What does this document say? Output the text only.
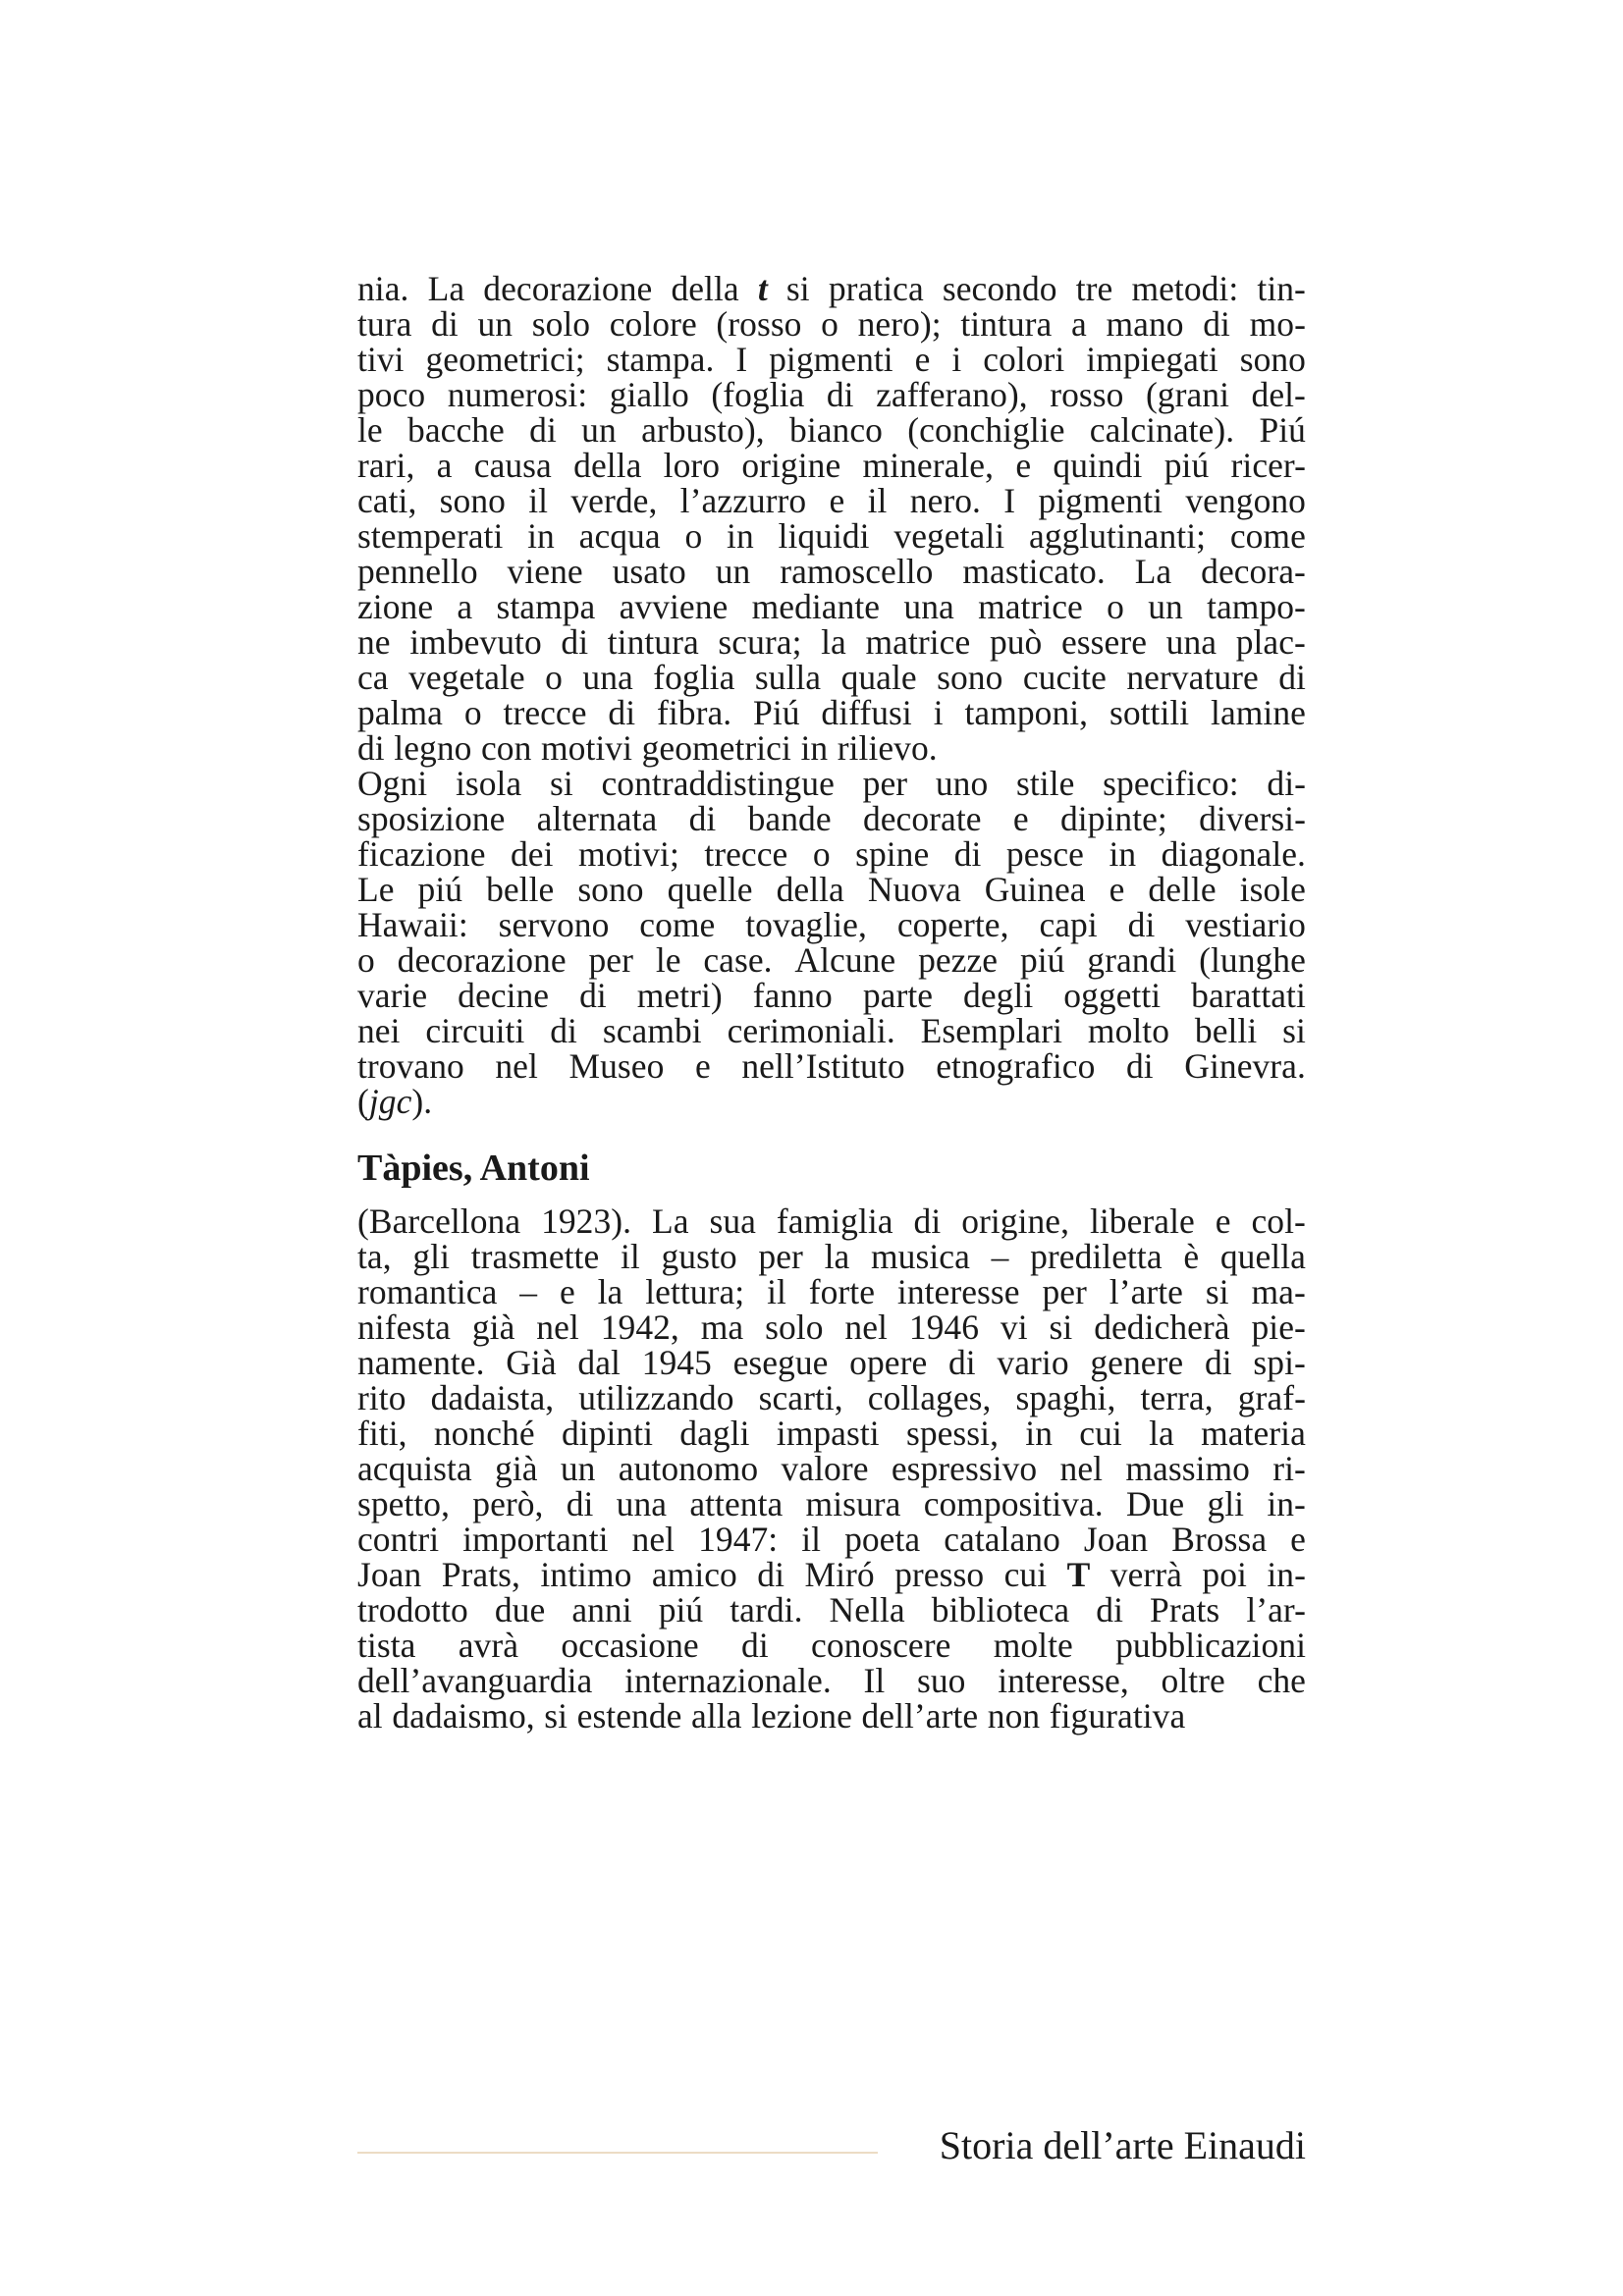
nia. La decorazione della t si pratica secondo tre metodi: tin-
tura di un solo colore (rosso o nero); tintura a mano di mo-
tivi geometrici; stampa. I pigmenti e i colori impiegati sono
poco numerosi: giallo (foglia di zafferano), rosso (grani del-
le bacche di un arbusto), bianco (conchiglie calcinate). Piú
rari, a causa della loro origine minerale, e quindi piú ricer-
cati, sono il verde, l’azzurro e il nero. I pigmenti vengono
stemperati in acqua o in liquidi vegetali agglutinanti; come
pennello viene usato un ramoscello masticato. La decora-
zione a stampa avviene mediante una matrice o un tampo-
ne imbevuto di tintura scura; la matrice può essere una plac-
ca vegetale o una foglia sulla quale sono cucite nervature di
palma o trecce di fibra. Piú diffusi i tamponi, sottili lamine
di legno con motivi geometrici in rilievo.
Ogni isola si contraddistingue per uno stile specifico: di-
sposizione alternata di bande decorate e dipinte; diversi-
ficazione dei motivi; trecce o spine di pesce in diagonale.
Le piú belle sono quelle della Nuova Guinea e delle isole
Hawaii: servono come tovaglie, coperte, capi di vestiario
o decorazione per le case. Alcune pezze piú grandi (lunghe
varie decine di metri) fanno parte degli oggetti barattati
nei circuiti di scambi cerimoniali. Esemplari molto belli si
trovano nel Museo e nell’Istituto etnografico di Ginevra.
(jgc).
Tàpies, Antoni
(Barcellona 1923). La sua famiglia di origine, liberale e col-
ta, gli trasmette il gusto per la musica – prediletta è quella
romantica – e la lettura; il forte interesse per l’arte si ma-
nifesta già nel 1942, ma solo nel 1946 vi si dedicherà pie-
namente. Già dal 1945 esegue opere di vario genere di spi-
rito dadaista, utilizzando scarti, collages, spaghi, terra, graf-
fiti, nonché dipinti dagli impasti spessi, in cui la materia
acquista già un autonomo valore espressivo nel massimo ri-
spetto, però, di una attenta misura compositiva. Due gli in-
contri importanti nel 1947: il poeta catalano Joan Brossa e
Joan Prats, intimo amico di Miró presso cui T verrà poi in-
trodotto due anni piú tardi. Nella biblioteca di Prats l’ar-
tista avrà occasione di conoscere molte pubblicazioni
dell’avanguardia internazionale. Il suo interesse, oltre che
al dadaismo, si estende alla lezione dell’arte non figurativa
Storia dell’arte Einaudi
